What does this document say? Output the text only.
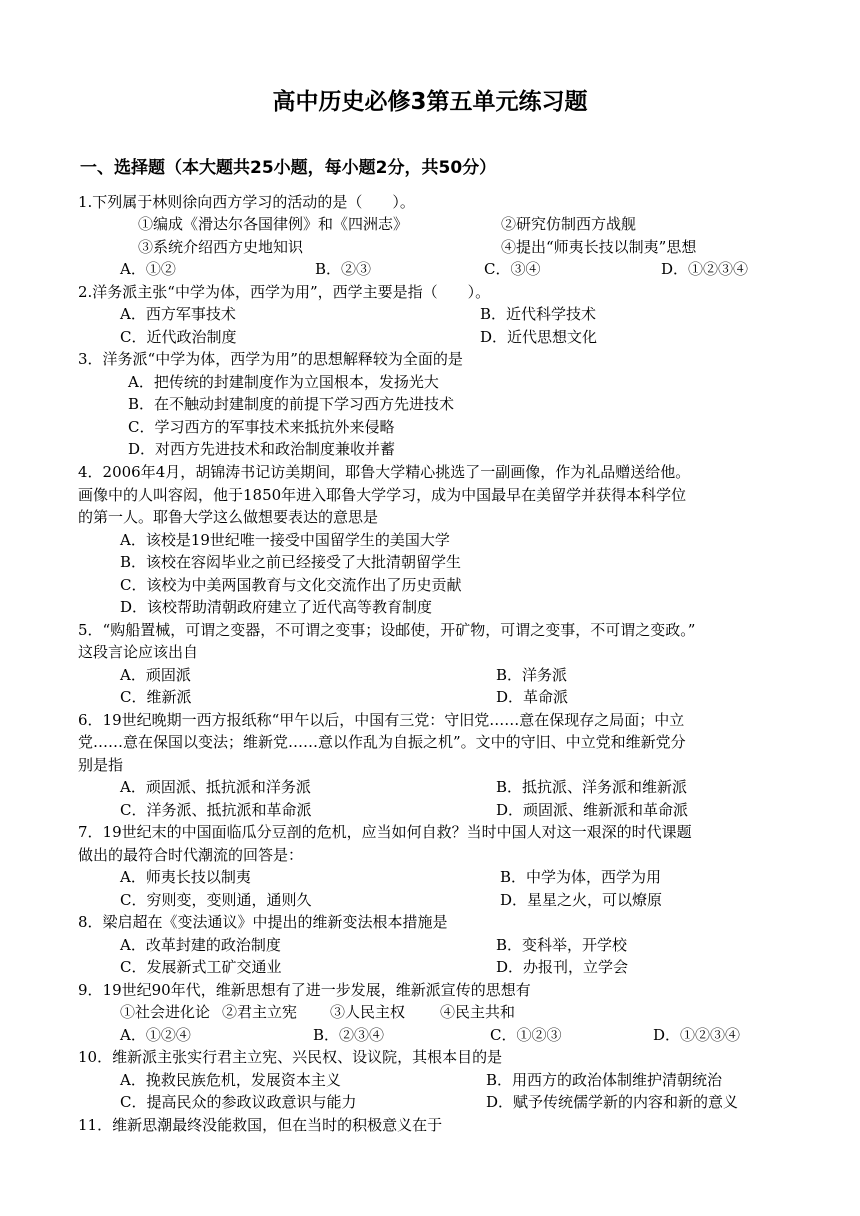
高中历史必修3第五单元练习题
一、选择题（本大题共25小题，每小题2分，共50分）
1.下列属于林则徐向西方学习的活动的是（　　）。
①编成《滑达尔各国律例》和《四洲志》	②研究仿制西方战舰
③系统介绍西方史地知识	④提出“师夷长技以制夷”思想
A．①②	B．②③	C．③④	D．①②③④
2.洋务派主张“中学为体，西学为用”，西学主要是指（　　）。
A．西方军事技术	B．近代科学技术
C．近代政治制度	D．近代思想文化
3．洋务派“中学为体，西学为用”的思想解释较为全面的是
A．把传统的封建制度作为立国根本，发扬光大
B．在不触动封建制度的前提下学习西方先进技术
C．学习西方的军事技术来抵抗外来侵略
D．对西方先进技术和政治制度兼收并蓄
4．2006年4月，胡锦涛书记访美期间，耶鲁大学精心挑选了一副画像，作为礼品赠送给他。
画像中的人叫容闳，他于1850年进入耶鲁大学学习，成为中国最早在美留学并获得本科学位
的第一人。耶鲁大学这么做想要表达的意思是
A．该校是19世纪唯一接受中国留学生的美国大学
B．该校在容闳毕业之前已经接受了大批清朝留学生
C．该校为中美两国教育与文化交流作出了历史贡献
D．该校帮助清朝政府建立了近代高等教育制度
5．“购船置械，可谓之变器，不可谓之变事；设邮使，开矿物，可谓之变事，不可谓之变政。”
这段言论应该出自
A．顽固派	B．洋务派
C．维新派	D．革命派
6．19世纪晚期一西方报纸称“甲午以后，中国有三党：守旧党……意在保现存之局面；中立
党……意在保国以变法；维新党……意以作乱为自振之机”。文中的守旧、中立党和维新党分
别是指
A．顽固派、抵抗派和洋务派	B．抵抗派、洋务派和维新派
C．洋务派、抵抗派和革命派	D．顽固派、维新派和革命派
7．19世纪末的中国面临瓜分豆剖的危机，应当如何自救？当时中国人对这一艰深的时代课题
做出的最符合时代潮流的回答是：
A．师夷长技以制夷	B．中学为体，西学为用
C．穷则变，变则通，通则久	D．星星之火，可以燎原
8．梁启超在《变法通议》中提出的维新变法根本措施是
A．改革封建的政治制度	B．变科举，开学校
C．发展新式工矿交通业	D．办报刊，立学会
9．19世纪90年代，维新思想有了进一步发展，维新派宣传的思想有
①社会进化论 ②君主立宪 ③人民主权 ④民主共和
A．①②④	B．②③④	C．①②③	D．①②③④
10．维新派主张实行君主立宪、兴民权、设议院，其根本目的是
A．挽救民族危机，发展资本主义	B．用西方的政治体制维护清朝统治
C．提高民众的参政议政意识与能力	D．赋予传统儒学新的内容和新的意义
11．维新思潮最终没能救国，但在当时的积极意义在于
